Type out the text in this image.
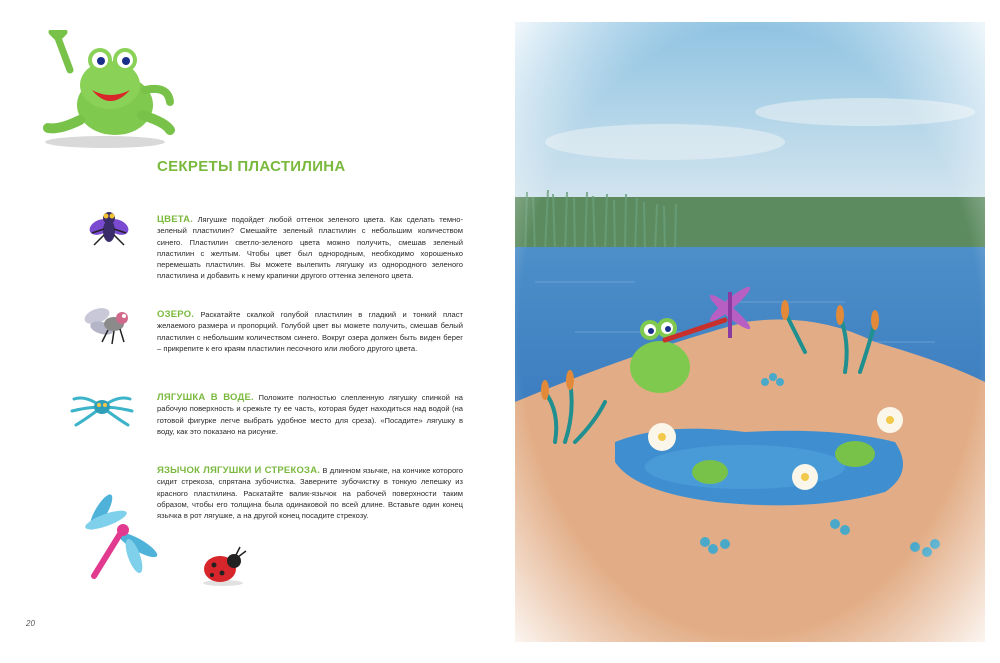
СЕКРЕТЫ ПЛАСТИЛИНА

ЦВЕТА. Лягушке подойдет любой оттенок зеленого цвета. Как сделать темно-зеленый пластилин? Смешайте зеленый пластилин с небольшим количеством синего. Пластилин светло-зеленого цвета можно получить, смешав зеленый пластилин с желтым. Чтобы цвет был однородным, необходимо хорошенько перемешать пластилин. Вы можете вылепить лягушку из однородного зеленого пластилина и добавить к нему крапинки другого оттенка зеленого цвета.

ОЗЕРО. Раскатайте скалкой голубой пластилин в гладкий и тонкий пласт желаемого размера и пропорций. Голубой цвет вы можете получить, смешав белый пластилин с небольшим количеством синего. Вокруг озера должен быть виден берег – прикрепите к его краям пластилин песочного или любого другого цвета.

ЛЯГУШКА В ВОДЕ. Положите полностью слепленную лягушку спинкой на рабочую поверхность и срежьте ту ее часть, которая будет находиться над водой (на готовой фигурке легче выбрать удобное место для среза). «Посадите» лягушку в воду, как это показано на рисунке.

ЯЗЫЧОК ЛЯГУШКИ И СТРЕКОЗА. В длинном язычке, на кончике которого сидит стрекоза, спрятана зубочистка. Заверните зубочистку в тонкую лепешку из красного пластилина. Раскатайте валик-язычок на рабочей поверхности таким образом, чтобы его толщина была одинаковой по всей длине. Вставьте один конец язычка в рот лягушке, а на другой конец посадите стрекозу.

20
